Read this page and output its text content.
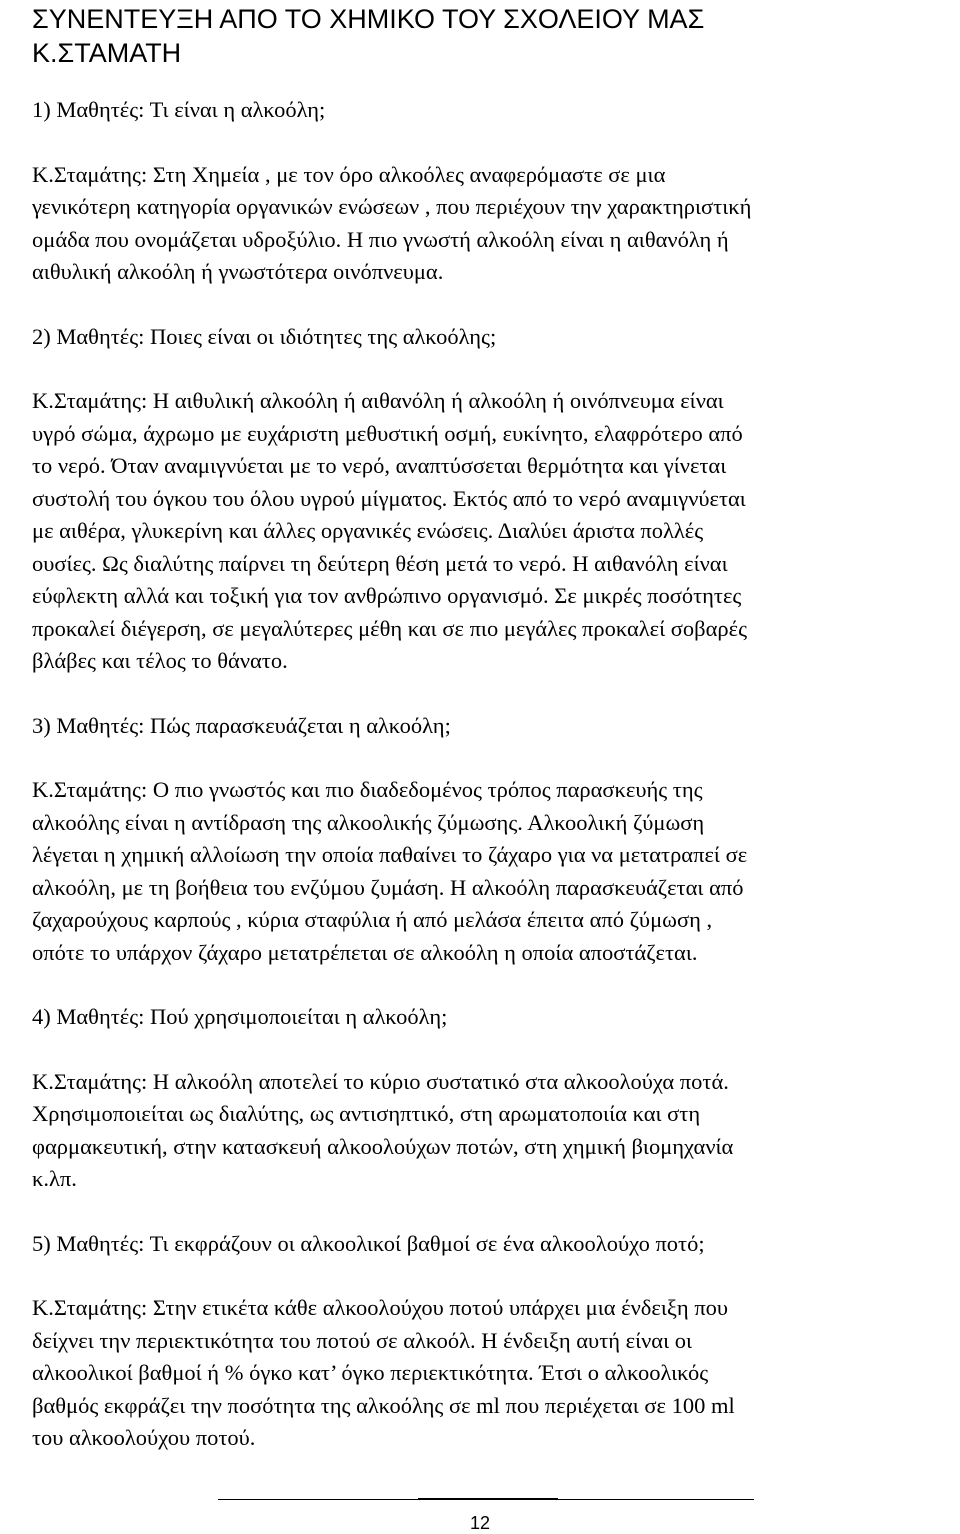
ΣΥΝΕΝΤΕΥΞΗ ΑΠΟ ΤΟ ΧΗΜΙΚΟ ΤΟΥ ΣΧΟΛΕΙΟΥ ΜΑΣ
Κ.ΣΤΑΜΑΤΗ

1) Μαθητές: Τι είναι η αλκοόλη;

Κ.Σταμάτης: Στη Χημεία , με τον όρο αλκοόλες αναφερόμαστε σε μια
γενικότερη κατηγορία οργανικών ενώσεων , που περιέχουν την χαρακτηριστική
ομάδα που ονομάζεται υδροξύλιο. Η πιο γνωστή αλκοόλη είναι η αιθανόλη ή
αιθυλική αλκοόλη ή γνωστότερα οινόπνευμα.

2) Μαθητές: Ποιες είναι οι ιδιότητες της αλκοόλης;

Κ.Σταμάτης: Η αιθυλική αλκοόλη ή αιθανόλη ή αλκοόλη ή οινόπνευμα είναι
υγρό σώμα, άχρωμο με ευχάριστη μεθυστική οσμή, ευκίνητο, ελαφρότερο από
το νερό. Όταν αναμιγνύεται με το νερό, αναπτύσσεται θερμότητα και γίνεται
συστολή του όγκου του όλου υγρού μίγματος. Εκτός από το νερό αναμιγνύεται
με αιθέρα, γλυκερίνη και άλλες οργανικές ενώσεις. Διαλύει άριστα πολλές
ουσίες. Ως διαλύτης παίρνει τη δεύτερη θέση μετά το νερό. Η αιθανόλη είναι
εύφλεκτη αλλά και τοξική για τον ανθρώπινο οργανισμό. Σε μικρές ποσότητες
προκαλεί διέγερση, σε μεγαλύτερες μέθη και σε πιο μεγάλες προκαλεί σοβαρές
βλάβες και τέλος το θάνατο.

3) Μαθητές: Πώς παρασκευάζεται η αλκοόλη;

Κ.Σταμάτης: Ο πιο γνωστός και πιο διαδεδομένος τρόπος παρασκευής της
αλκοόλης είναι η αντίδραση της αλκοολικής ζύμωσης. Αλκοολική ζύμωση
λέγεται η χημική αλλοίωση την οποία παθαίνει το ζάχαρο για να μετατραπεί σε
αλκοόλη, με τη βοήθεια του ενζύμου ζυμάση. Η αλκοόλη παρασκευάζεται από
ζαχαρούχους καρπούς , κύρια σταφύλια ή από μελάσα έπειτα από ζύμωση ,
οπότε το υπάρχον ζάχαρο μετατρέπεται σε αλκοόλη η οποία αποστάζεται.

4) Μαθητές: Πού χρησιμοποιείται η αλκοόλη;

Κ.Σταμάτης: Η αλκοόλη αποτελεί το κύριο συστατικό στα αλκοολούχα ποτά.
Χρησιμοποιείται ως διαλύτης, ως αντισηπτικό, στη αρωματοποιία και στη
φαρμακευτική, στην κατασκευή αλκοολούχων ποτών, στη χημική βιομηχανία
κ.λπ.

5) Μαθητές: Τι εκφράζουν οι αλκοολικοί βαθμοί σε ένα αλκοολούχο ποτό;

Κ.Σταμάτης: Στην ετικέτα κάθε αλκοολούχου ποτού υπάρχει μια ένδειξη που
δείχνει την περιεκτικότητα του ποτού σε αλκοόλ. Η ένδειξη αυτή είναι οι
αλκοολικοί βαθμοί ή % όγκο κατ’ όγκο περιεκτικότητα. Έτσι ο αλκοολικός
βαθμός εκφράζει την ποσότητα της αλκοόλης σε ml που περιέχεται σε 100 ml
του αλκοολούχου ποτού.

12
